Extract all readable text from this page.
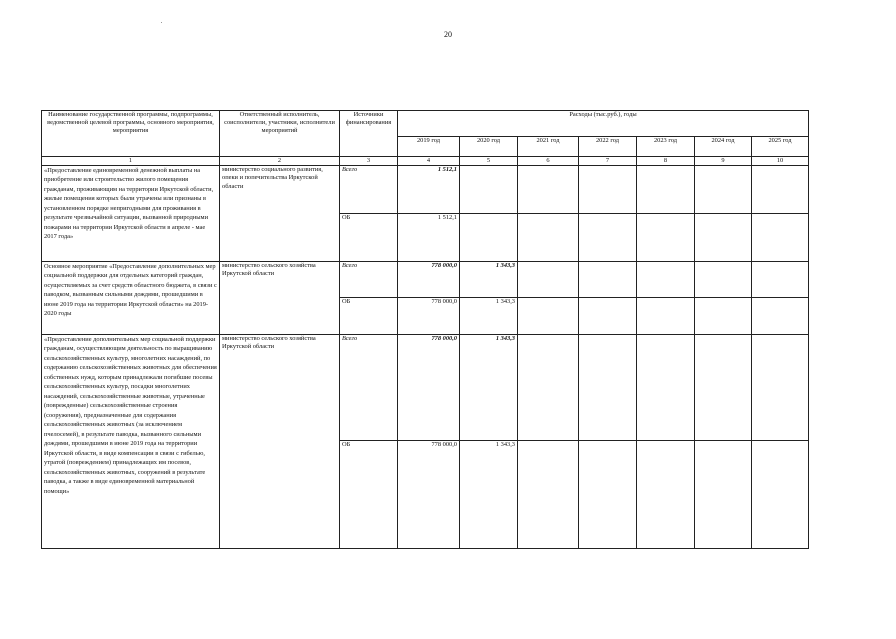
20
Наименование государственной программы, подпрограммы, ведомственной целевой программы, основного мероприятия, мероприятия	Ответственный исполнитель, соисполнители, участники, исполнители мероприятий	Источники финансирования	Расходы (тыс.руб.), годы						
			2019 год	2020 год	2021 год	2022 год	2023 год	2024 год	2025 год
1	2	3	4	5	6	7	8	9	10
«Предоставление единовременной денежной выплаты на приобретение или строительство жилого помещения гражданам, проживающим на территории Иркутской области, жилые помещения которых были утрачены или признаны в установленном порядке непригодными для проживания в результате чрезвычайной ситуации, вызванной природными пожарами на территории Иркутской области в апреле - мае 2017 года»	министерство социального развития, опеки и попечительства Иркутской области	Всего	1 512,1						
		ОБ	1 512,1						
Основное мероприятие «Предоставление дополнительных мер социальной поддержки для отдельных категорий граждан, осуществляемых за счет средств областного бюджета, в связи с паводком, вызванным сильными дождями, прошедшими в июне 2019 года на территории Иркутской области» на 2019-2020 годы	министерство сельского хозяйства Иркутской области	Всего	778 000,0	1 343,3					
		ОБ	778 000,0	1 343,3					
«Предоставление дополнительных мер социальной поддержки гражданам, осуществляющим деятельность по выращиванию сельскохозяйственных культур, многолетних насаждений, по содержанию сельскохозяйственных животных для обеспечения собственных нужд, которым принадлежали погибшие посевы сельскохозяйственных культур, посадки многолетних насаждений, сельскохозяйственные животные, утраченные (поврежденные) сельскохозяйственные строения (сооружения), предназначенные для содержания сельскохозяйственных животных (за исключением пчелосемей), в результате паводка, вызванного сильными дождями, прошедшими в июне 2019 года на территории Иркутской области, в виде компенсации в связи с гибелью, утратой (повреждением) принадлежащих им посевов, сельскохозяйственных животных, сооружений в результате паводка, а также в виде единовременной материальной помощи»	министерство сельского хозяйства Иркутской области	Всего	778 000,0	1 343,3					
		ОБ	778 000,0	1 343,3					
